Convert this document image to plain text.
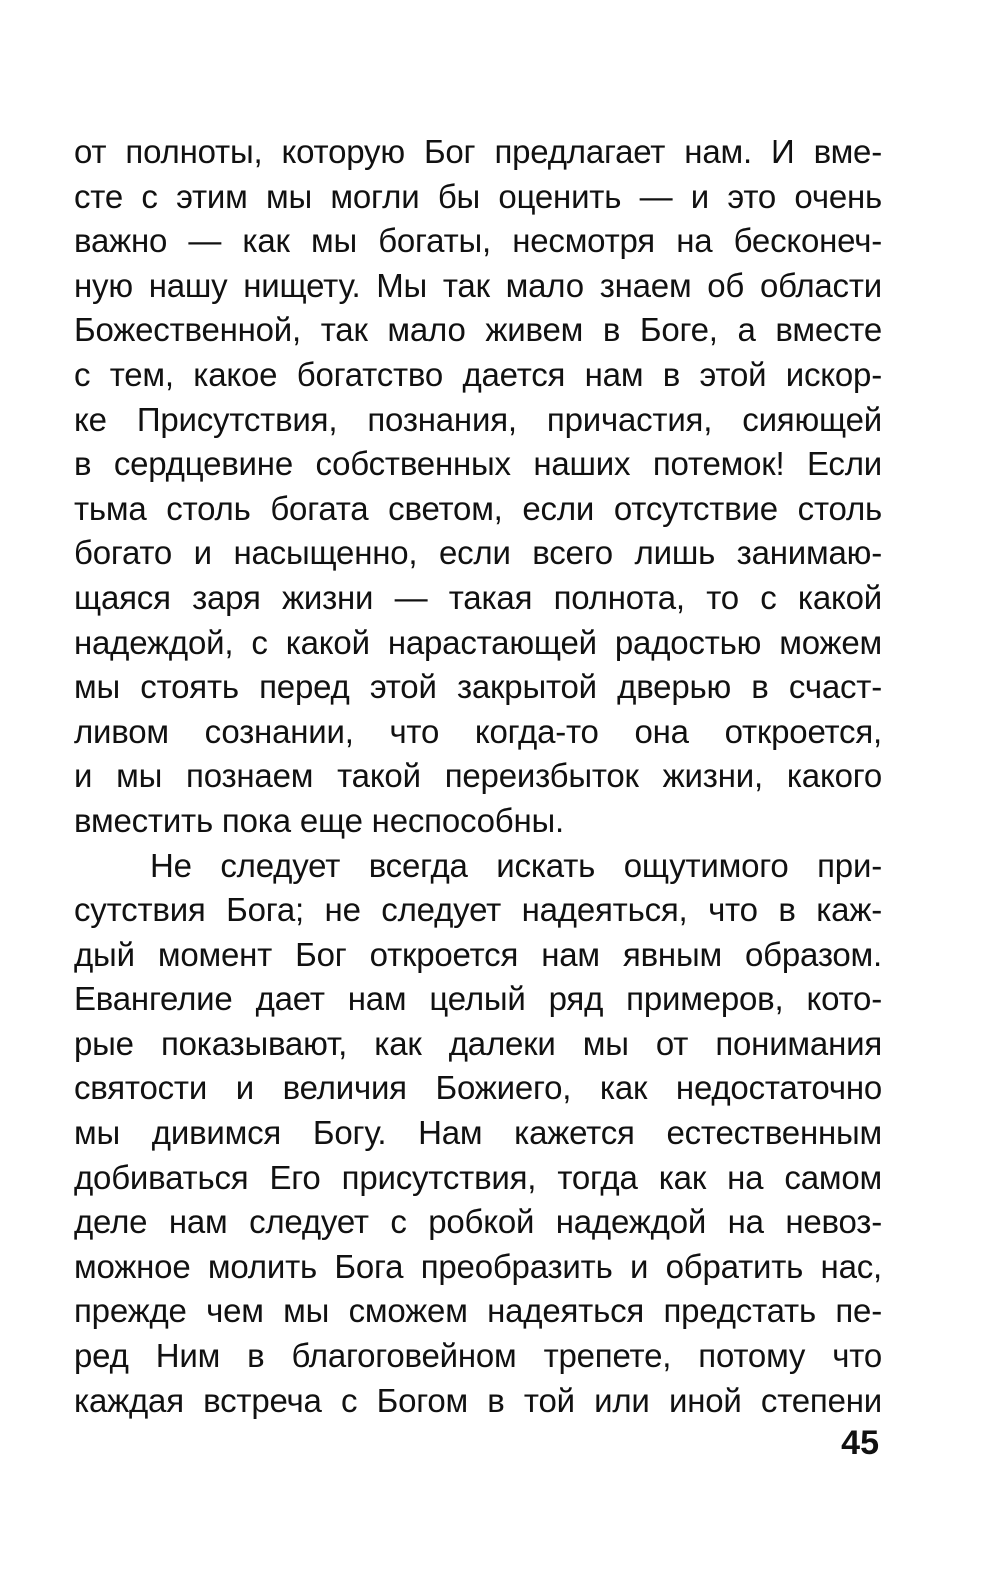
от полноты, которую Бог предлагает нам. И вме-
сте с этим мы могли бы оценить — и это очень
важно — как мы богаты, несмотря на бесконеч-
ную нашу нищету. Мы так мало знаем об области
Божественной, так мало живем в Боге, а вместе
с тем, какое богатство дается нам в этой искор-
ке Присутствия, познания, причастия, сияющей
в сердцевине собственных наших потемок! Если
тьма столь богата светом, если отсутствие столь
богато и насыщенно, если всего лишь занимаю-
щаяся заря жизни — такая полнота, то с какой
надеждой, с какой нарастающей радостью можем
мы стоять перед этой закрытой дверью в счаст-
ливом сознании, что когда-то она откроется,
и мы познаем такой переизбыток жизни, какого
вместить пока еще неспособны.
Не следует всегда искать ощутимого при-
сутствия Бога; не следует надеяться, что в каж-
дый момент Бог откроется нам явным образом.
Евангелие дает нам целый ряд примеров, кото-
рые показывают, как далеки мы от понимания
святости и величия Божиего, как недостаточно
мы дивимся Богу. Нам кажется естественным
добиваться Его присутствия, тогда как на самом
деле нам следует с робкой надеждой на невоз-
можное молить Бога преобразить и обратить нас,
прежде чем мы сможем надеяться предстать пе-
ред Ним в благоговейном трепете, потому что
каждая встреча с Богом в той или иной степени
45
